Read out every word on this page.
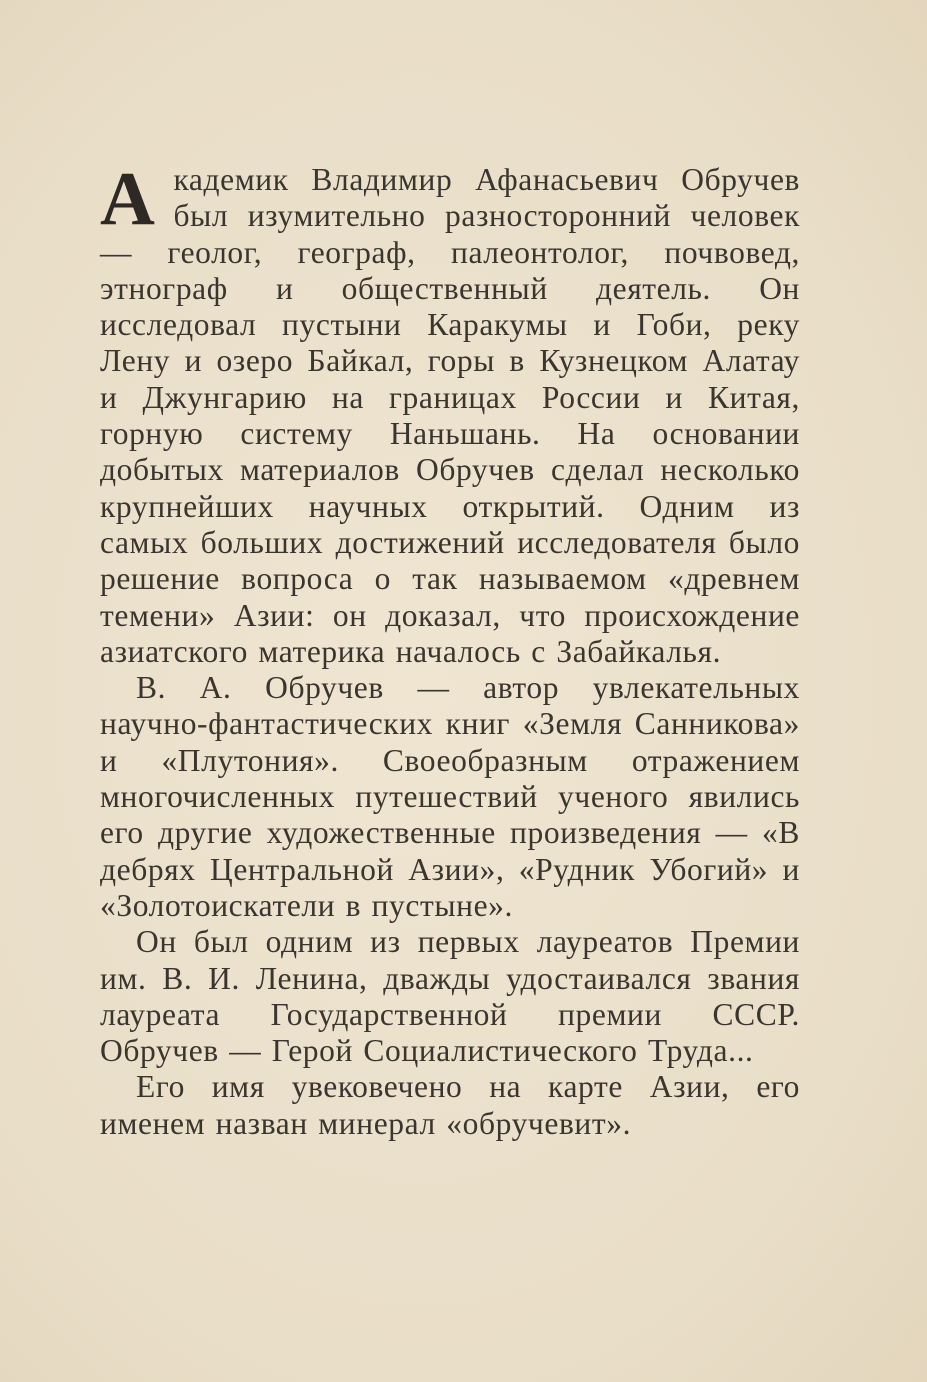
А кадемик Владимир Афанасьевич Обручев был изумительно разносторонний человек — геолог, географ, палеонтолог, почвовед, этнограф и общественный деятель. Он исследовал пустыни Каракумы и Гоби, реку Лену и озеро Байкал, горы в Кузнецком Алатау и Джунгарию на границах России и Китая, горную систему Наньшань. На основании добытых материалов Обручев сделал несколько крупнейших научных открытий. Одним из самых больших достижений исследователя было решение вопроса о так называемом «древнем темени» Азии: он доказал, что происхождение азиатского материка началось с Забайкалья.

В. А. Обручев — автор увлекательных научно-фантастических книг «Земля Санникова» и «Плутония». Своеобразным отражением многочисленных путешествий ученого явились его другие художественные произведения — «В дебрях Центральной Азии», «Рудник Убогий» и «Золотоискатели в пустыне».

Он был одним из первых лауреатов Премии им. В. И. Ленина, дважды удостаивался звания лауреата Государственной премии СССР. Обручев — Герой Социалистического Труда...

Его имя увековечено на карте Азии, его именем назван минерал «обручевит».
